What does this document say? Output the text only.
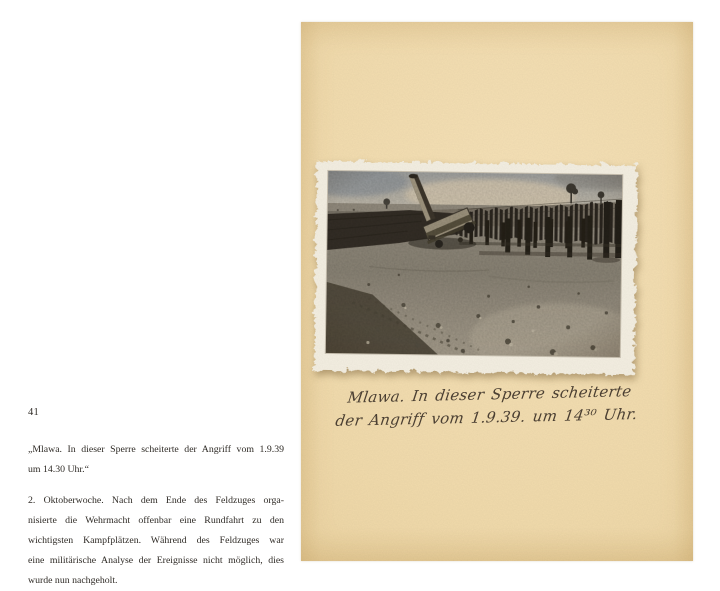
41
„Mlawa. In dieser Sperre scheiterte der Angriff vom 1.9.39
um 14.30 Uhr.“
2. Oktoberwoche. Nach dem Ende des Feldzuges orga-
nisierte die Wehrmacht offenbar eine Rundfahrt zu den
wichtigsten Kampfplätzen. Während des Feldzuges war
eine militärische Analyse der Ereignisse nicht möglich, dies
wurde nun nachgeholt.
Mlawa. In dieser Sperre scheiterte
der Angriff vom 1.9.39. um 14³⁰ Uhr.
